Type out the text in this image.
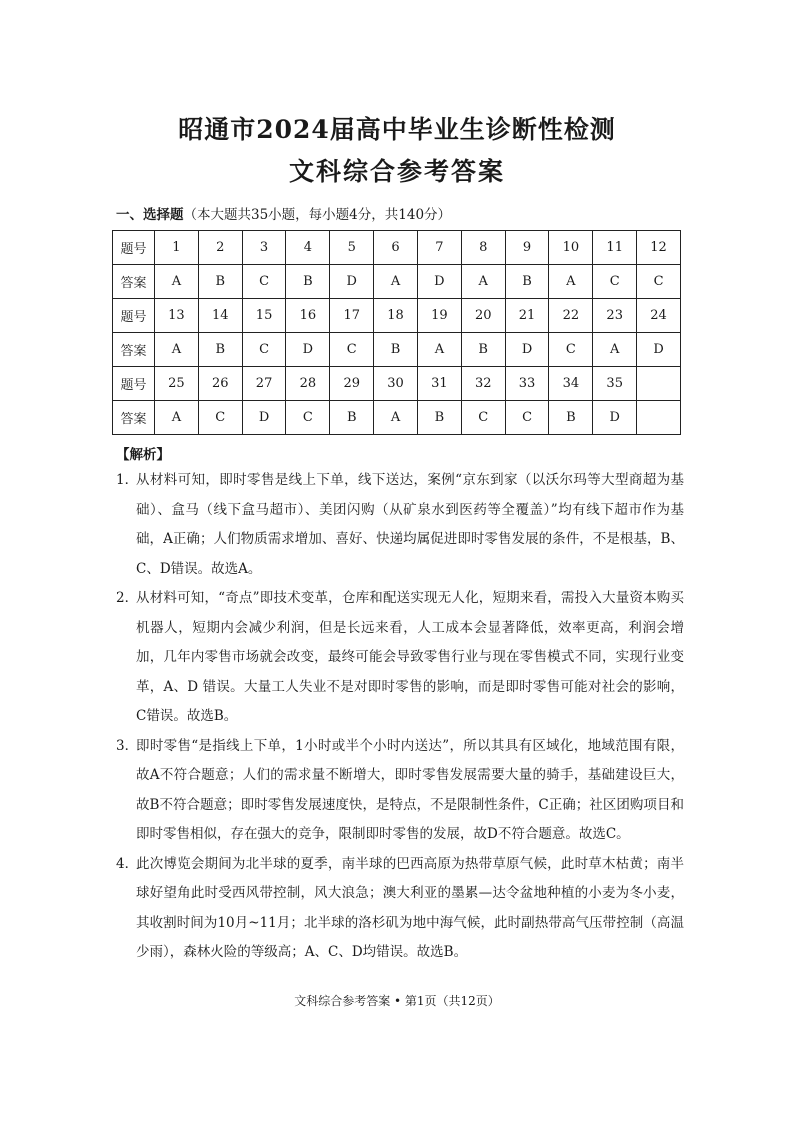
昭通市2024届高中毕业生诊断性检测
文科综合参考答案
一、选择题（本大题共35小题，每小题4分，共140分）
题号	1	2	3	4	5	6	7	8	9	10	11	12
答案	A	B	C	B	D	A	D	A	B	A	C	C
题号	13	14	15	16	17	18	19	20	21	22	23	24
答案	A	B	C	D	C	B	A	B	D	C	A	D
题号	25	26	27	28	29	30	31	32	33	34	35	
答案	A	C	D	C	B	A	B	C	C	B	D	
【解析】
1．
从材料可知，即时零售是线上下单，线下送达，案例“京东到家（以沃尔玛等大型商超为基础）、盒马（线下盒马超市）、美团闪购（从矿泉水到医药等全覆盖）”均有线下超市作为基础，A正确；人们物质需求增加、喜好、快递均属促进即时零售发展的条件，不是根基，B、C、D错误。故选A。
2．
从材料可知，“奇点”即技术变革，仓库和配送实现无人化，短期来看，需投入大量资本购买机器人，短期内会减少利润，但是长远来看，人工成本会显著降低，效率更高，利润会增加，几年内零售市场就会改变，最终可能会导致零售行业与现在零售模式不同，实现行业变革，A、D 错误。大量工人失业不是对即时零售的影响，而是即时零售可能对社会的影响，C错误。故选B。
3．
即时零售“是指线上下单，1小时或半个小时内送达”，所以其具有区域化，地域范围有限，故A不符合题意；人们的需求量不断增大，即时零售发展需要大量的骑手，基础建设巨大，故B不符合题意；即时零售发展速度快，是特点，不是限制性条件，C正确；社区团购项目和即时零售相似，存在强大的竞争，限制即时零售的发展，故D不符合题意。故选C。
4．
此次博览会期间为北半球的夏季，南半球的巴西高原为热带草原气候，此时草木枯黄；南半球好望角此时受西风带控制，风大浪急；澳大利亚的墨累—达令盆地种植的小麦为冬小麦，其收割时间为10月~11月；北半球的洛杉矶为地中海气候，此时副热带高气压带控制（高温少雨），森林火险的等级高；A、C、D均错误。故选B。
文科综合参考答案 • 第1页（共12页）
